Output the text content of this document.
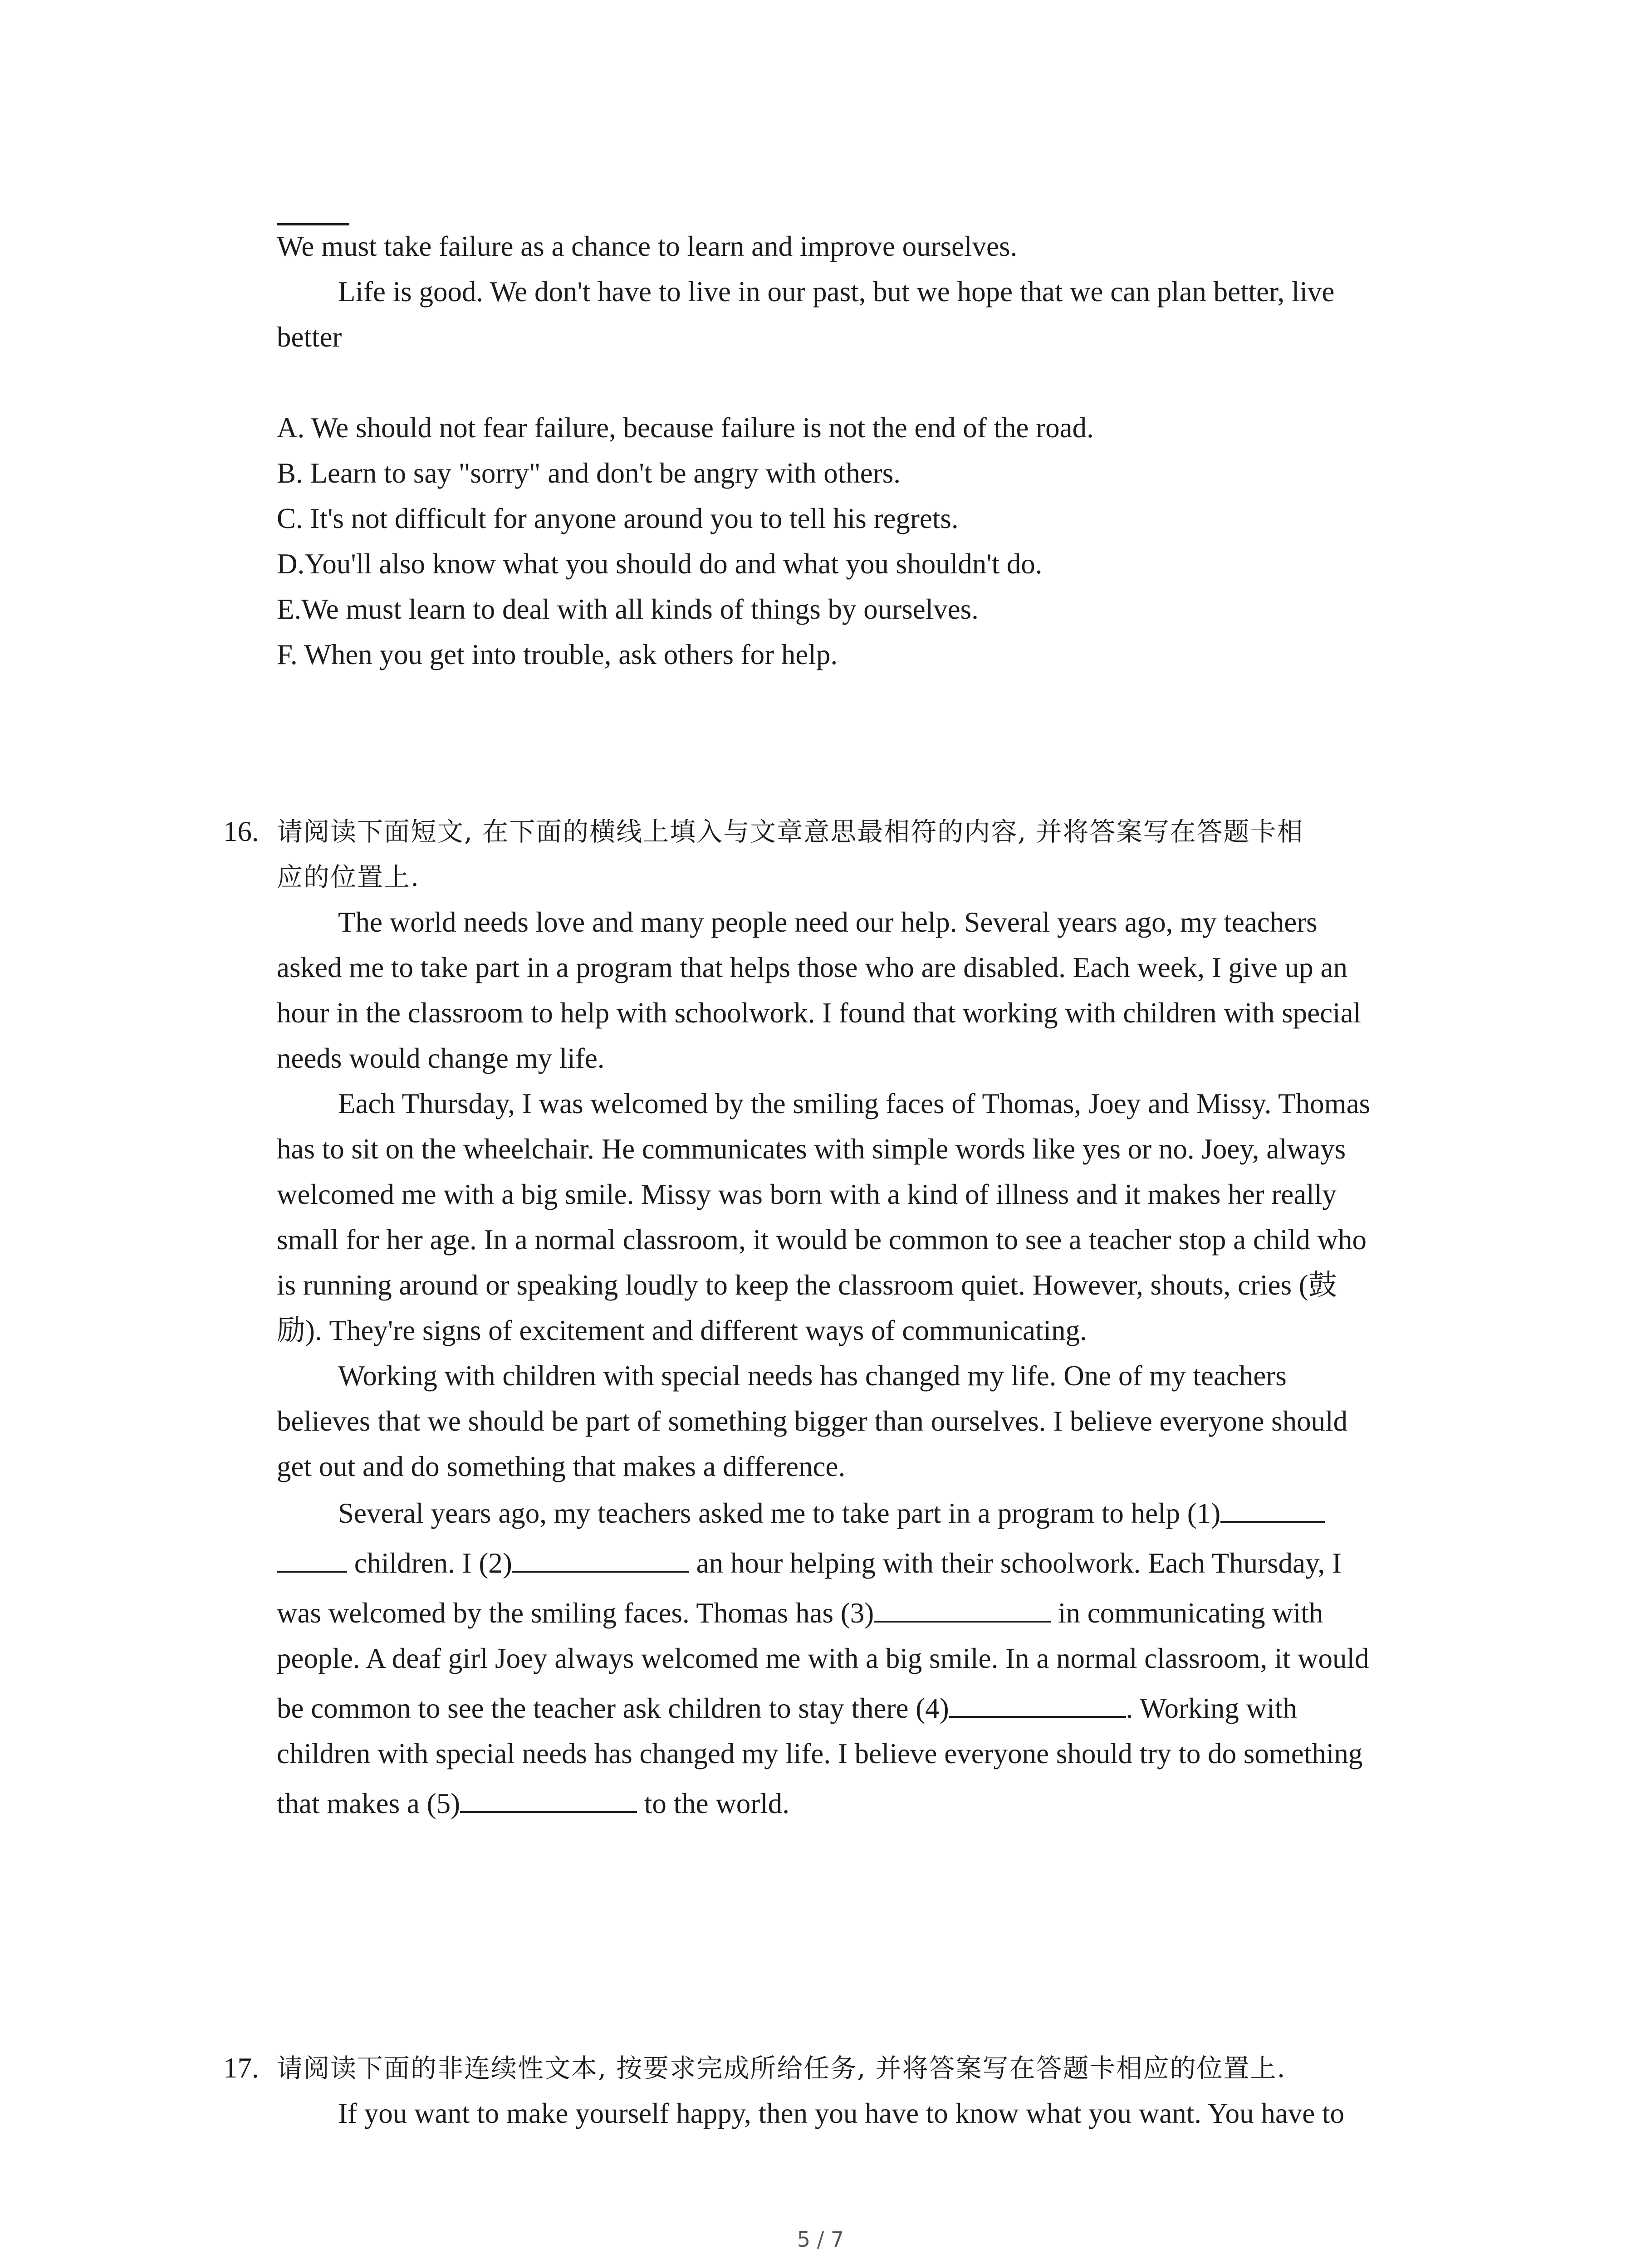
We must take failure as a chance to learn and improve ourselves.
Life is good. We don't have to live in our past, but we hope that we can plan better, live
better
A. We should not fear failure, because failure is not the end of the road.
B. Learn to say "sorry" and don't be angry with others.
C. It's not difficult for anyone around you to tell his regrets.
D.You'll also know what you should do and what you shouldn't do.
E.We must learn to deal with all kinds of things by ourselves.
F. When you get into trouble, ask others for help.
16. 请阅读下面短文, 在下面的横线上填入与文章意思最相符的内容, 并将答案写在答题卡相
应的位置上.
The world needs love and many people need our help. Several years ago, my teachers
asked me to take part in a program that helps those who are disabled. Each week, I give up an
hour in the classroom to help with schoolwork. I found that working with children with special
needs would change my life.
Each Thursday, I was welcomed by the smiling faces of Thomas, Joey and Missy. Thomas
has to sit on the wheelchair. He communicates with simple words like yes or no. Joey, always
welcomed me with a big smile. Missy was born with a kind of illness and it makes her really
small for her age. In a normal classroom, it would be common to see a teacher stop a child who
is running around or speaking loudly to keep the classroom quiet. However, shouts, cries (鼓
励). They're signs of excitement and different ways of communicating.
Working with children with special needs has changed my life. One of my teachers
believes that we should be part of something bigger than ourselves. I believe everyone should
get out and do something that makes a difference.
Several years ago, my teachers asked me to take part in a program to help (1)
children. I (2)	an hour helping with their schoolwork. Each Thursday, I
was welcomed by the smiling faces. Thomas has (3)	in communicating with
people. A deaf girl Joey always welcomed me with a big smile. In a normal classroom, it would
be common to see the teacher ask children to stay there (4)	. Working with
children with special needs has changed my life. I believe everyone should try to do something
that makes a (5)	to the world.
17. 请阅读下面的非连续性文本, 按要求完成所给任务, 并将答案写在答题卡相应的位置上.
If you want to make yourself happy, then you have to know what you want. You have to
5 / 7
